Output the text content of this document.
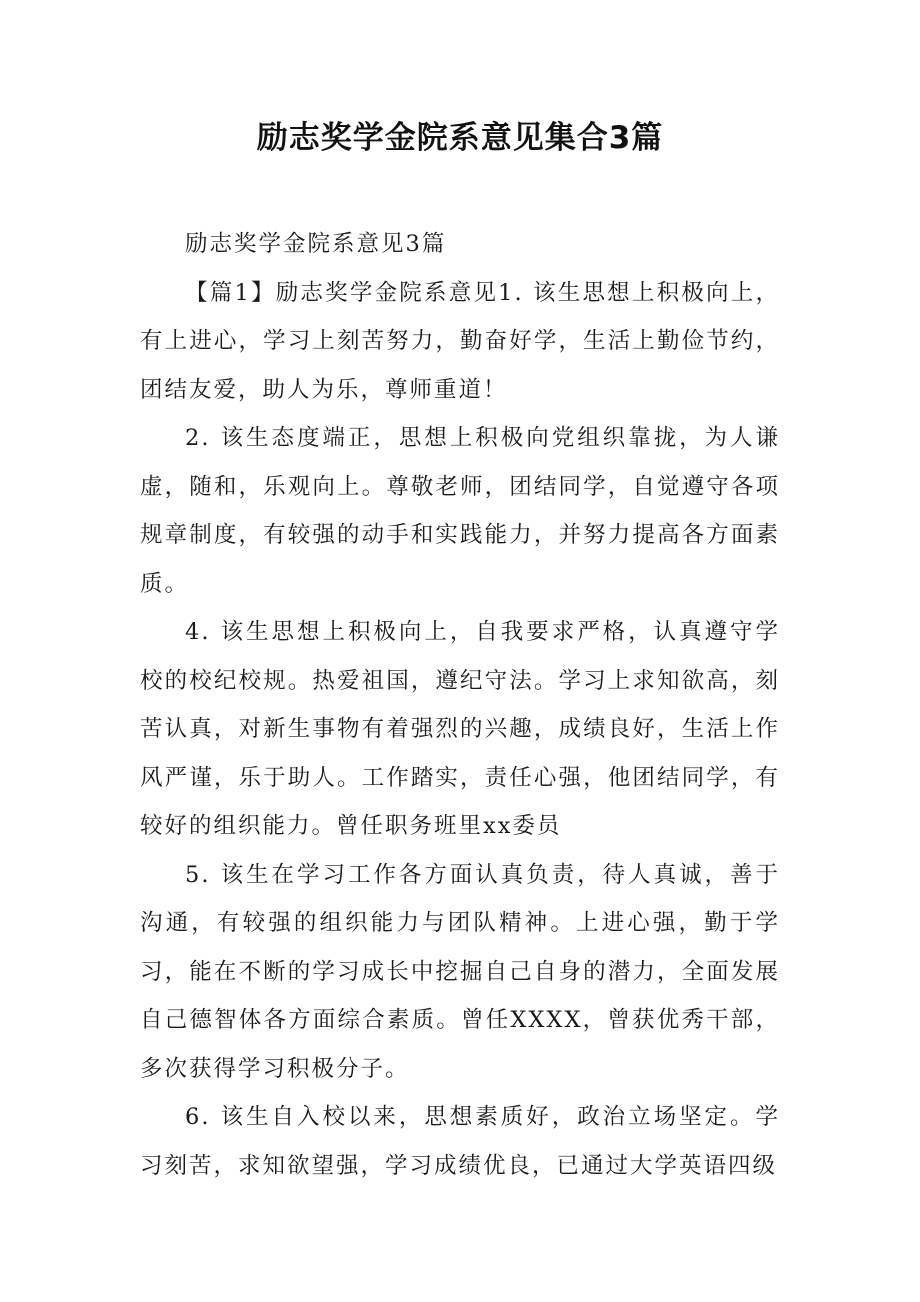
励志奖学金院系意见集合3篇

励志奖学金院系意见3篇

【篇1】励志奖学金院系意见1. 该生思想上积极向上，有上进心，学习上刻苦努力，勤奋好学，生活上勤俭节约，团结友爱，助人为乐，尊师重道！

2. 该生态度端正，思想上积极向党组织靠拢，为人谦虚，随和，乐观向上。尊敬老师，团结同学，自觉遵守各项规章制度，有较强的动手和实践能力，并努力提高各方面素质。

4. 该生思想上积极向上，自我要求严格，认真遵守学校的校纪校规。热爱祖国，遵纪守法。学习上求知欲高，刻苦认真，对新生事物有着强烈的兴趣，成绩良好，生活上作风严谨，乐于助人。工作踏实，责任心强，他团结同学，有较好的组织能力。曾任职务班里xx委员

5. 该生在学习工作各方面认真负责，待人真诚，善于沟通，有较强的组织能力与团队精神。上进心强，勤于学习，能在不断的学习成长中挖掘自己自身的潜力，全面发展自己德智体各方面综合素质。曾任XXXX，曾获优秀干部，多次获得学习积极分子。

6. 该生自入校以来，思想素质好，政治立场坚定。学习刻苦，求知欲望强，学习成绩优良，已通过大学英语四级
